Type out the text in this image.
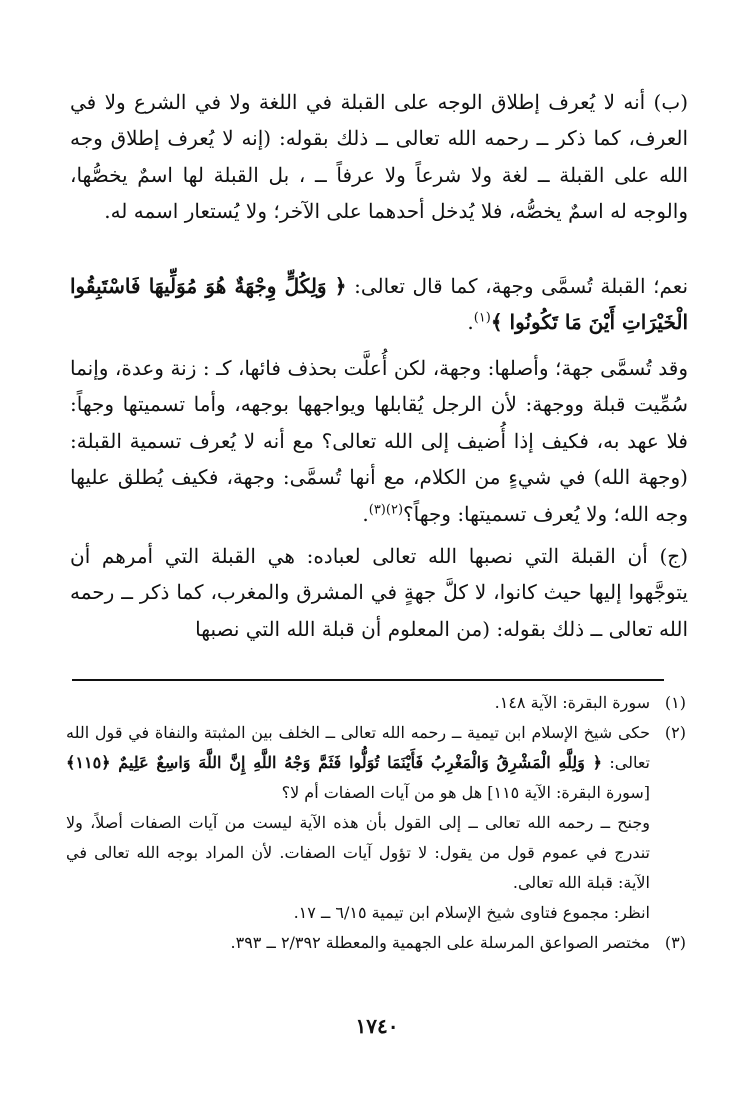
(ب) أنه لا يُعرف إطلاق الوجه على القبلة في اللغة ولا في الشرع ولا في العرف، كما ذكر ــ رحمه الله تعالى ــ ذلك بقوله: (إنه لا يُعرف إطلاق وجه الله على القبلة ــ لغة ولا شرعاً ولا عرفاً ــ ، بل القبلة لها اسمٌ يخصُّها، والوجه له اسمٌ يخصُّه، فلا يُدخل أحدهما على الآخر؛ ولا يُستعار اسمه له.

نعم؛ القبلة تُسمَّى وجهة، كما قال تعالى: ﴿ وَلِكُلٍّ وِجْهَةٌ هُوَ مُوَلِّيهَا فَاسْتَبِقُوا الْخَيْرَاتِ أَيْنَ مَا تَكُونُوا ﴾$^{(١)}$.

وقد تُسمَّى جهة؛ وأصلها: وجهة، لكن أُعلَّت بحذف فائها، كـ : زنة وعدة، وإنما سُمِّيت قبلة ووجهة: لأن الرجل يُقابلها ويواجهها بوجهه، وأما تسميتها وجهاً: فلا عهد به، فكيف إذا أُضيف إلى الله تعالى؟ مع أنه لا يُعرف تسمية القبلة: (وجهة الله) في شيءٍ من الكلام، مع أنها تُسمَّى: وجهة، فكيف يُطلق عليها وجه الله؛ ولا يُعرف تسميتها: وجهاً؟$^{(٢)(٣)}$.

(ج) أن القبلة التي نصبها الله تعالى لعباده: هي القبلة التي أمرهم أن يتوجَّهوا إليها حيث كانوا، لا كلَّ جهةٍ في المشرق والمغرب، كما ذكر ــ رحمه الله تعالى ــ ذلك بقوله: (من المعلوم أن قبلة الله التي نصبها

(١)
سورة البقرة: الآية ١٤٨.

(٢)
حكى شيخ الإسلام ابن تيمية ــ رحمه الله تعالى ــ الخلف بين المثبتة والنفاة في قول الله تعالى: ﴿ وَلِلَّهِ الْمَشْرِقُ وَالْمَغْرِبُ فَأَيْنَمَا تُوَلُّوا فَثَمَّ وَجْهُ اللَّهِ إِنَّ اللَّهَ وَاسِعٌ عَلِيمٌ ﴿١١٥﴾ [سورة البقرة: الآية ١١٥] هل هو من آيات الصفات أم لا؟

وجنح ــ رحمه الله تعالى ــ إلى القول بأن هذه الآية ليست من آيات الصفات أصلاً، ولا تندرج في عموم قول من يقول: لا تؤول آيات الصفات. لأن المراد بوجه الله تعالى في الآية: قبلة الله تعالى.

انظر: مجموع فتاوى شيخ الإسلام ابن تيمية ٦/١٥ ــ ١٧.

(٣)
مختصر الصواعق المرسلة على الجهمية والمعطلة ٢/٣٩٢ ــ ٣٩٣.

١٧٤٠
